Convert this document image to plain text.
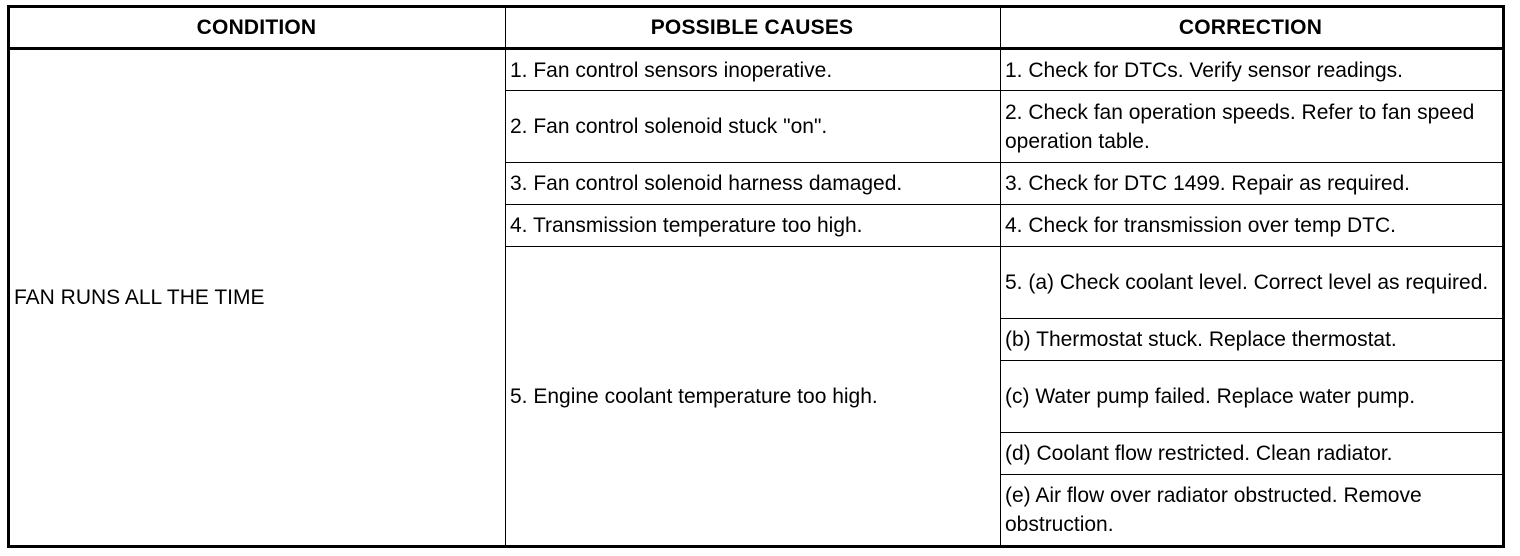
CONDITION	POSSIBLE CAUSES	CORRECTION
FAN RUNS ALL THE TIME	1. Fan control sensors inoperative.	1. Check for DTCs. Verify sensor readings.
	2. Fan control solenoid stuck "on".	2. Check fan operation speeds. Refer to fan speed operation table.
	3. Fan control solenoid harness damaged.	3. Check for DTC 1499. Repair as required.
	4. Transmission temperature too high.	4. Check for transmission over temp DTC.
	5. Engine coolant temperature too high.	5. (a) Check coolant level. Correct level as required.
		(b) Thermostat stuck. Replace thermostat.
		(c) Water pump failed. Replace water pump.
		(d) Coolant flow restricted. Clean radiator.
		(e) Air flow over radiator obstructed. Remove obstruction.
